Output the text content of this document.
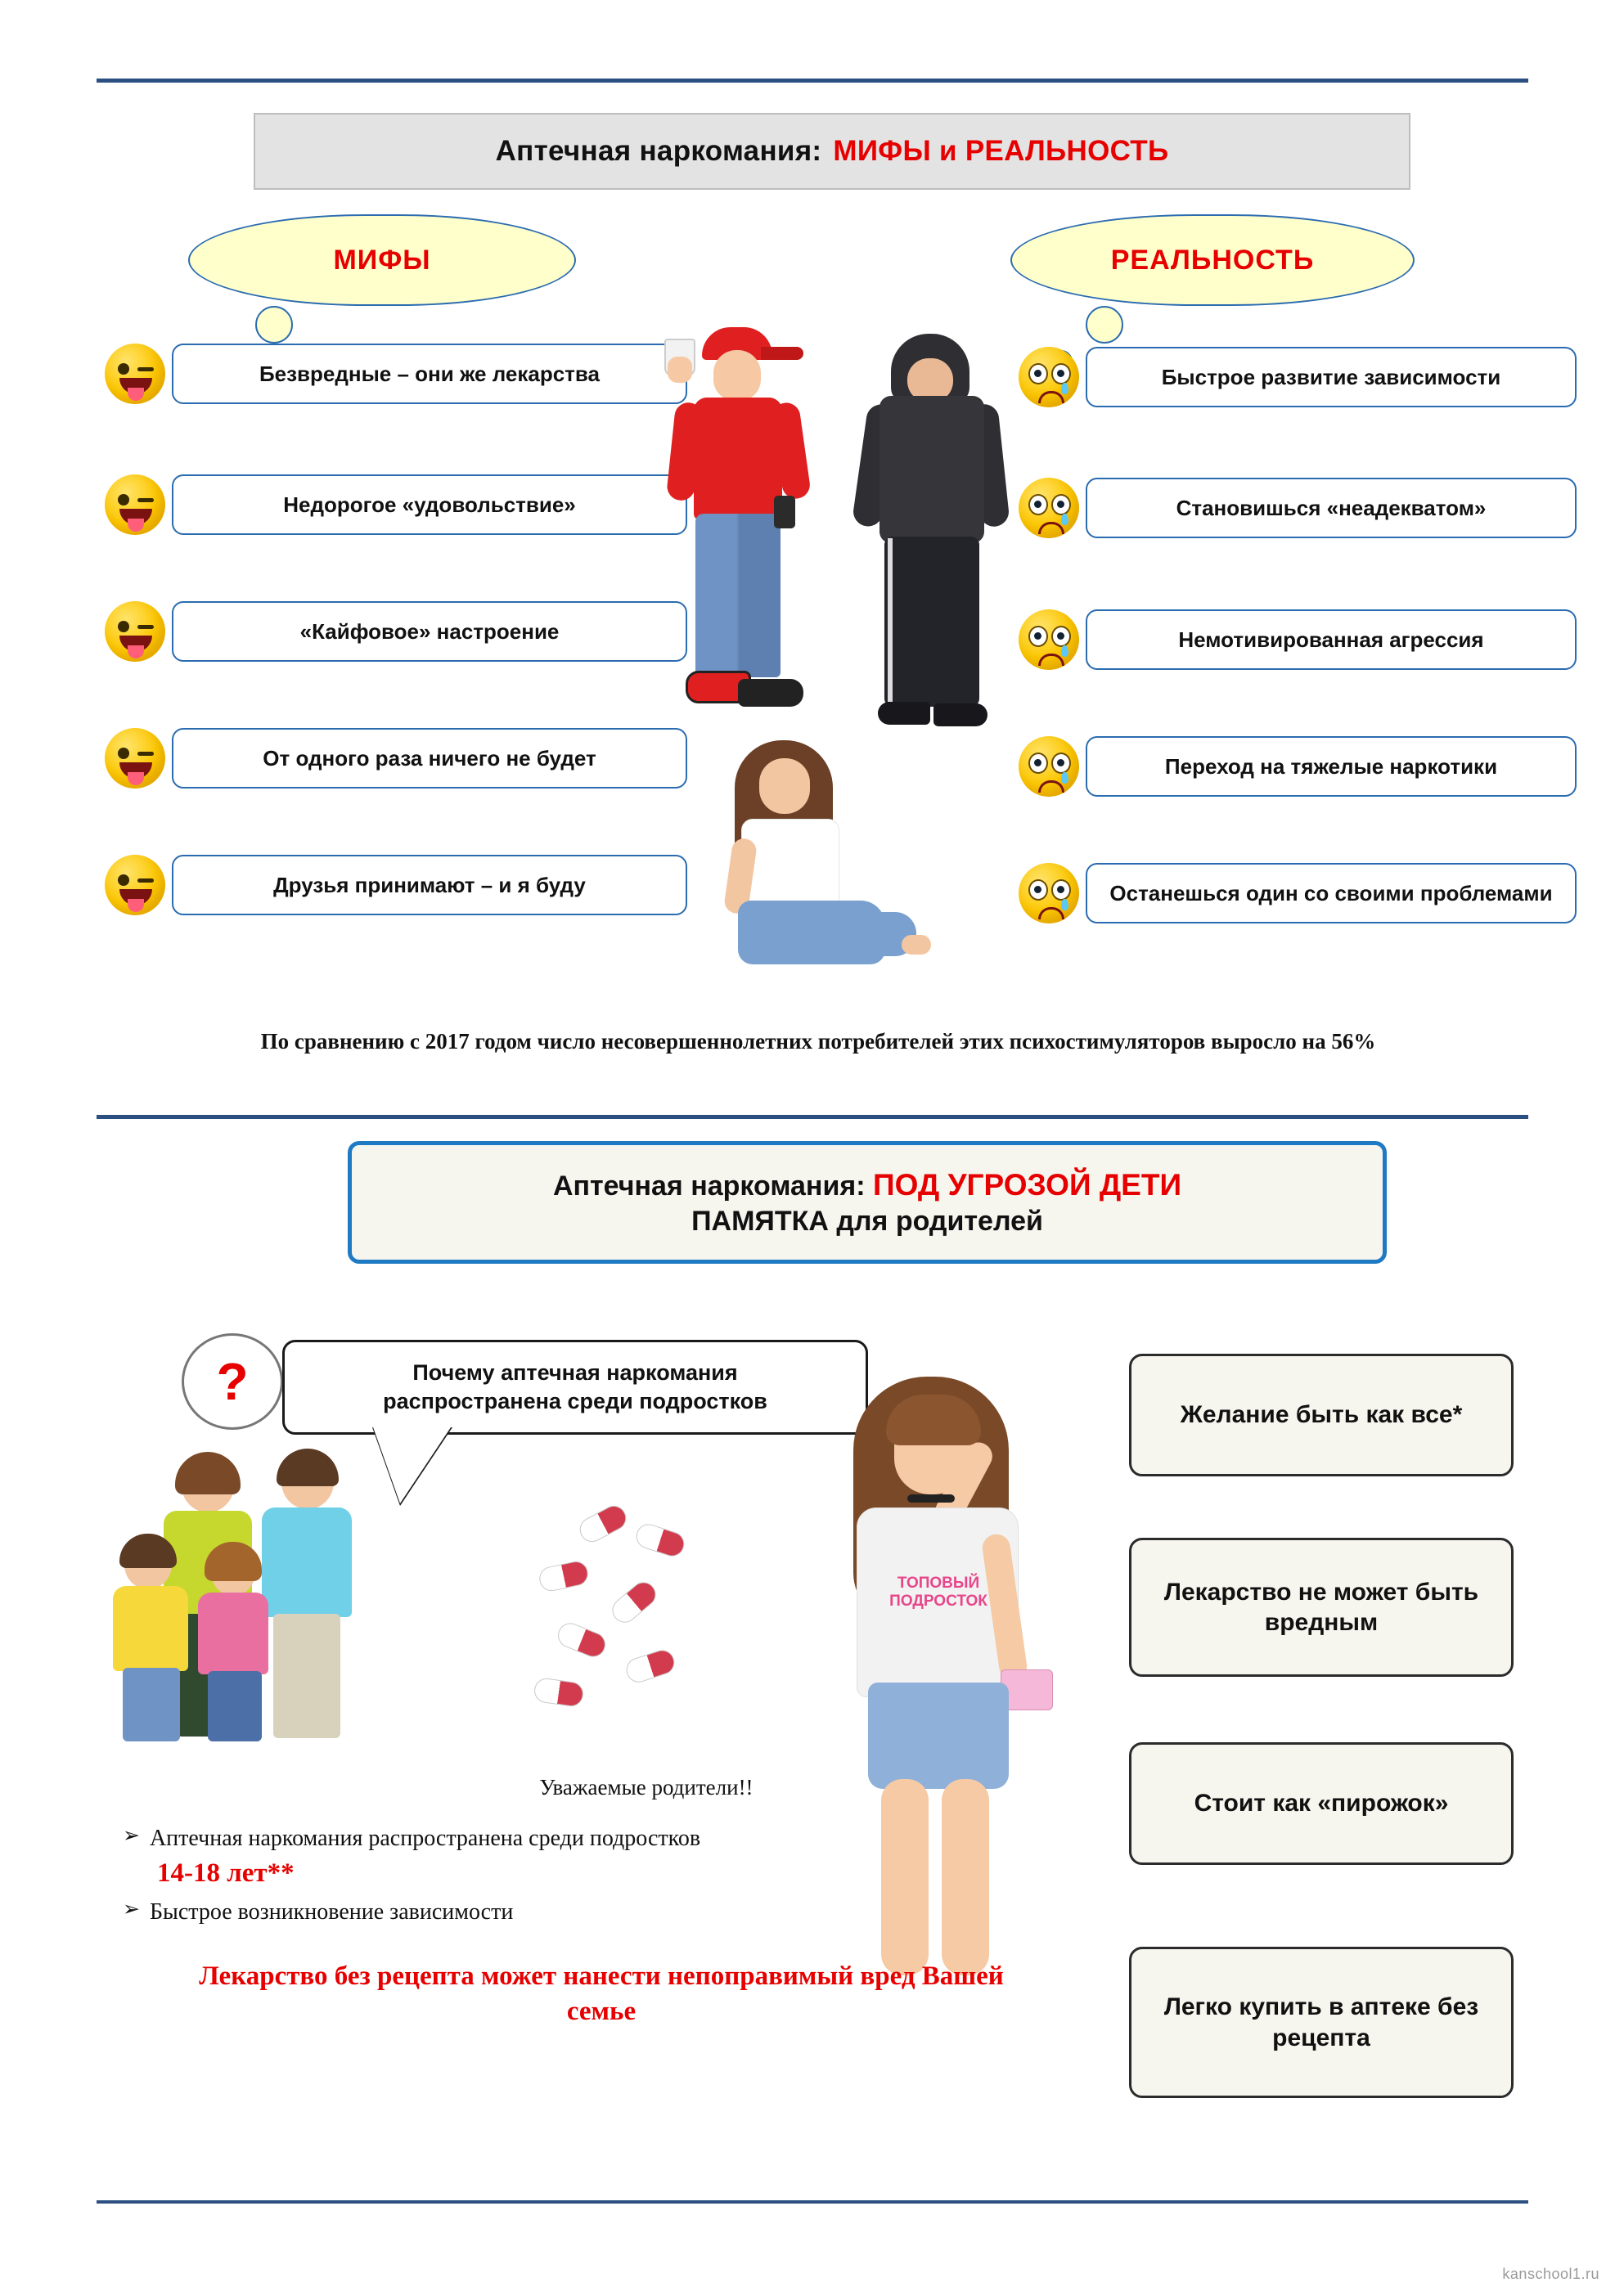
Аптечная наркомания: МИФЫ и РЕАЛЬНОСТЬ
МИФЫ	РЕАЛЬНОСТЬ
Безвредные – они же лекарства
Недорогое «удовольствие»
«Кайфовое» настроение
От одного раза ничего не будет
Друзья принимают – и я буду
Быстрое развитие зависимости
Становишься «неадекватом»
Немотивированная агрессия
Переход на тяжелые наркотики
Останешься один со своими проблемами
По сравнению с 2017 годом число несовершеннолетних потребителей этих психостимуляторов выросло на 56%
Аптечная наркомания: ПОД УГРОЗОЙ ДЕТИ
ПАМЯТКА для родителей
?	Почему аптечная наркомания
распространена среди подростков
ТОПОВЫЙ ПОДРОСТОК
Желание быть как все*
Лекарство не может быть вредным
Стоит как «пирожок»
Легко купить в аптеке без рецепта
Уважаемые родители!!
➢ Аптечная наркомания распространена среди подростков
14-18 лет**
➢ Быстрое возникновение зависимости
Лекарство без рецепта может нанести непоправимый вред Вашей семье
kanschool1.ru
